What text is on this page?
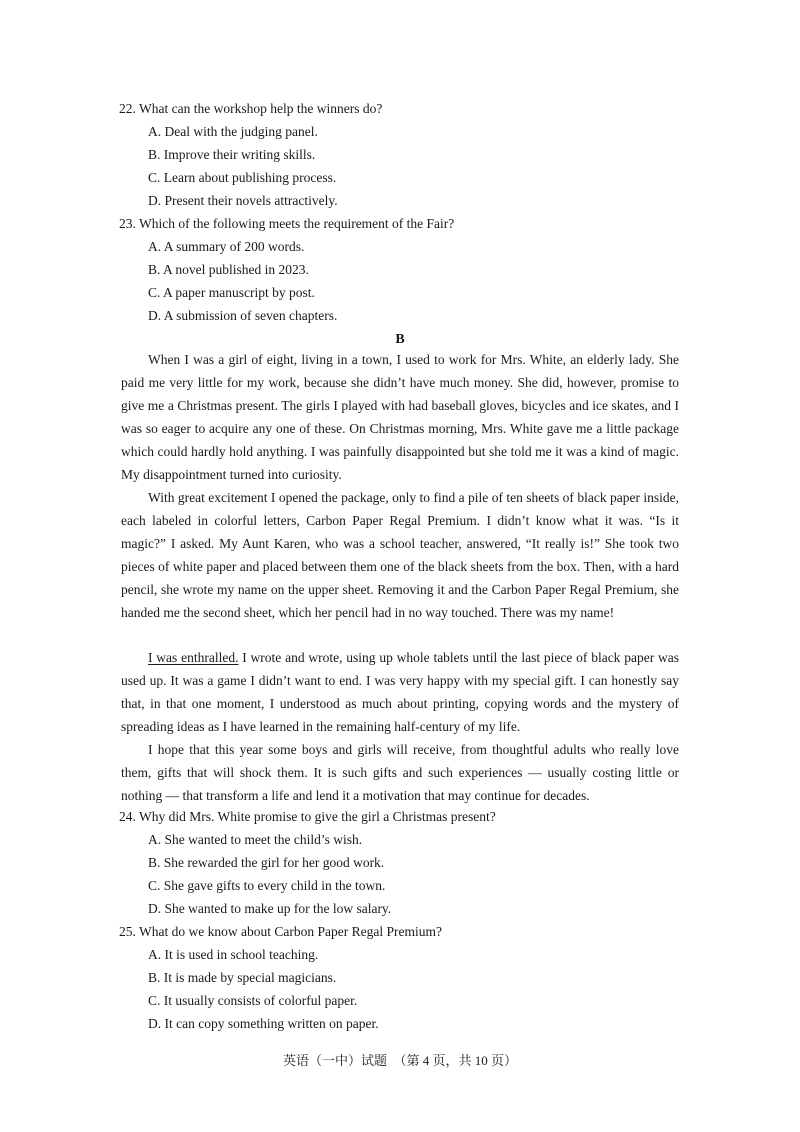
22. What can the workshop help the winners do?
A. Deal with the judging panel.
B. Improve their writing skills.
C. Learn about publishing process.
D. Present their novels attractively.
23. Which of the following meets the requirement of the Fair?
A. A summary of 200 words.
B. A novel published in 2023.
C. A paper manuscript by post.
D. A submission of seven chapters.
B

When I was a girl of eight, living in a town, I used to work for Mrs. White, an elderly lady. She paid me very little for my work, because she didn’t have much money. She did, however, promise to give me a Christmas present. The girls I played with had baseball gloves, bicycles and ice skates, and I was so eager to acquire any one of these. On Christmas morning, Mrs. White gave me a little package which could hardly hold anything. I was painfully disappointed but she told me it was a kind of magic. My disappointment turned into curiosity.

With great excitement I opened the package, only to find a pile of ten sheets of black paper inside, each labeled in colorful letters, Carbon Paper Regal Premium. I didn’t know what it was. “Is it magic?” I asked. My Aunt Karen, who was a school teacher, answered, “It really is!” She took two pieces of white paper and placed between them one of the black sheets from the box. Then, with a hard pencil, she wrote my name on the upper sheet. Removing it and the Carbon Paper Regal Premium, she handed me the second sheet, which her pencil had in no way touched. There was my name!

I was enthralled. I wrote and wrote, using up whole tablets until the last piece of black paper was used up. It was a game I didn’t want to end. I was very happy with my special gift. I can honestly say that, in that one moment, I understood as much about printing, copying words and the mystery of spreading ideas as I have learned in the remaining half-century of my life.

I hope that this year some boys and girls will receive, from thoughtful adults who really love them, gifts that will shock them. It is such gifts and such experiences — usually costing little or nothing — that transform a life and lend it a motivation that may continue for decades.

24. Why did Mrs. White promise to give the girl a Christmas present?
A. She wanted to meet the child’s wish.
B. She rewarded the girl for her good work.
C. She gave gifts to every child in the town.
D. She wanted to make up for the low salary.
25. What do we know about Carbon Paper Regal Premium?
A. It is used in school teaching.
B. It is made by special magicians.
C. It usually consists of colorful paper.
D. It can copy something written on paper.
英语（一中）试题　（第 4 页，共 10 页）
